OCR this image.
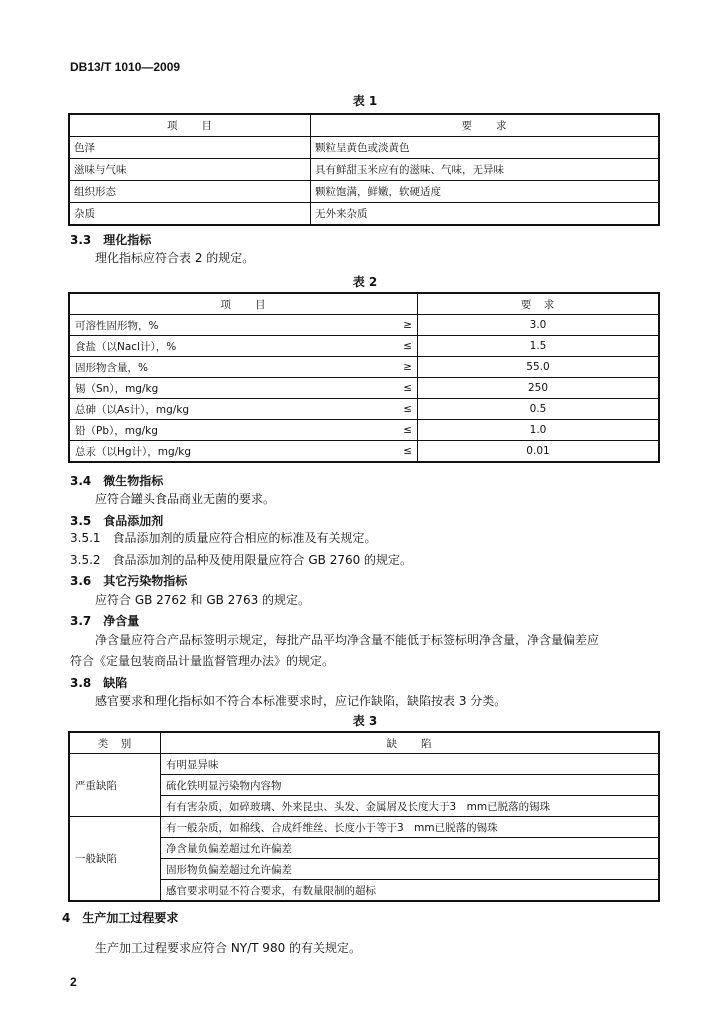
DB13/T 1010—2009
表 1
项　　目	要　　求
色泽	颗粒呈黄色或淡黄色
滋味与气味	具有鲜甜玉米应有的滋味、气味，无异味
组织形态	颗粒饱满，鲜嫩，软硬适度
杂质	无外来杂质
3.3　理化指标
理化指标应符合表 2 的规定。
表 2
项　　目		要　求
可溶性固形物，%	≥	3.0
食盐（以Nacl计），%	≤	1.5
固形物含量，%	≥	55.0
锡（Sn），mg/kg	≤	250
总砷（以As计），mg/kg	≤	0.5
铅（Pb），mg/kg	≤	1.0
总汞（以Hg计），mg/kg	≤	0.01
3.4　微生物指标
应符合罐头食品商业无菌的要求。
3.5　食品添加剂
3.5.1　食品添加剂的质量应符合相应的标准及有关规定。
3.5.2　食品添加剂的品种及使用限量应符合 GB 2760 的规定。
3.6　其它污染物指标
应符合 GB 2762 和 GB 2763 的规定。
3.7　净含量
净含量应符合产品标签明示规定，每批产品平均净含量不能低于标签标明净含量，净含量偏差应
符合《定量包装商品计量监督管理办法》的规定。
3.8　缺陷
感官要求和理化指标如不符合本标准要求时，应记作缺陷，缺陷按表 3 分类。
表 3
类　别	缺　　陷
严重缺陷	有明显异味
	硫化铁明显污染物内容物
	有有害杂质，如碎玻璃、外来昆虫、头发、金属屑及长度大于3　mm已脱落的锡珠
一般缺陷	有一般杂质，如棉线、合成纤维丝、长度小于等于3　mm已脱落的锡珠
	净含量负偏差超过允许偏差
	固形物负偏差超过允许偏差
	感官要求明显不符合要求，有数量限制的超标
4　生产加工过程要求
生产加工过程要求应符合 NY/T 980 的有关规定。
2
